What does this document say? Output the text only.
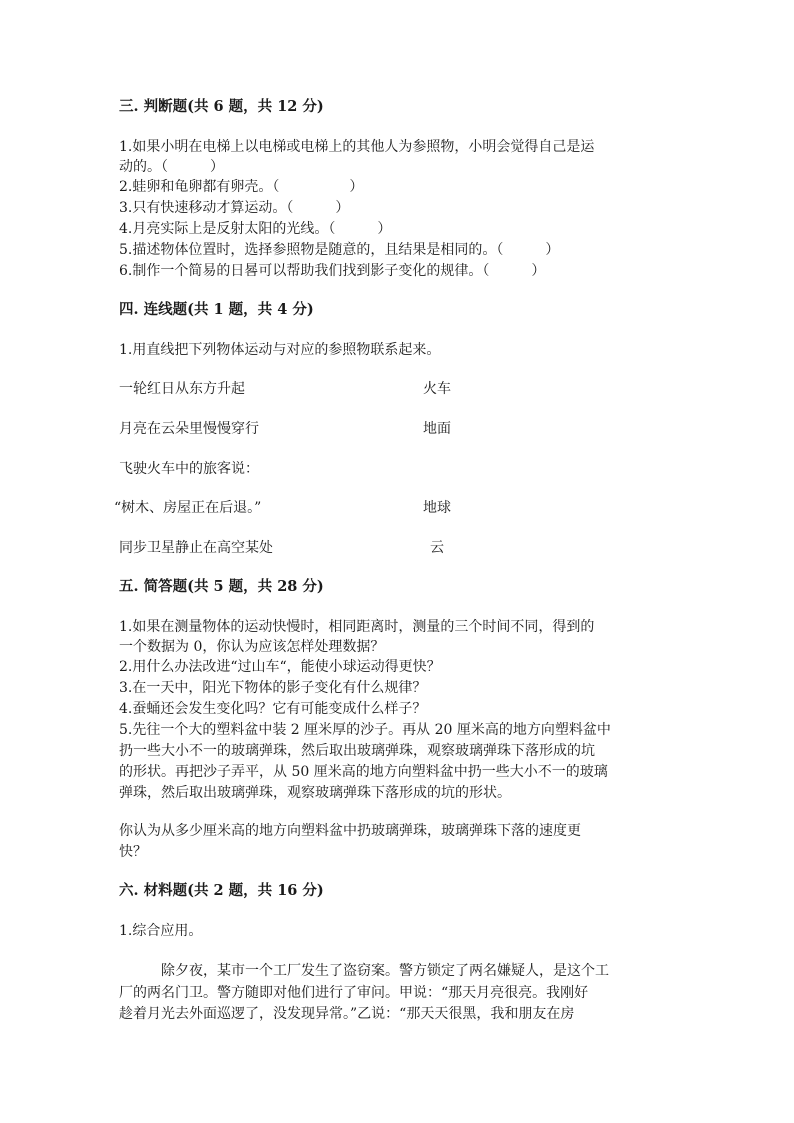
三. 判断题(共 6 题，共 12 分)
1.如果小明在电梯上以电梯或电梯上的其他人为参照物，小明会觉得自己是运
动的。（　　　）
2.蛙卵和龟卵都有卵壳。（　　　　　）
3.只有快速移动才算运动。（　　　）
4.月亮实际上是反射太阳的光线。（　　　）
5.描述物体位置时，选择参照物是随意的，且结果是相同的。（　　　）
6.制作一个简易的日晷可以帮助我们找到影子变化的规律。（　　　）
四. 连线题(共 1 题，共 4 分)
1.用直线把下列物体运动与对应的参照物联系起来。
一轮红日从东方升起	火车
月亮在云朵里慢慢穿行	地面
飞驶火车中的旅客说：
“树木、房屋正在后退。”	地球
同步卫星静止在高空某处	云
五. 简答题(共 5 题，共 28 分)
1.如果在测量物体的运动快慢时，相同距离时，测量的三个时间不同，得到的
一个数据为 0，你认为应该怎样处理数据？
2.用什么办法改进“过山车“，能使小球运动得更快？
3.在一天中，阳光下物体的影子变化有什么规律？
4.蚕蛹还会发生变化吗？它有可能变成什么样子？
5.先往一个大的塑料盆中装 2 厘米厚的沙子。再从 20 厘米高的地方向塑料盆中
扔一些大小不一的玻璃弹珠，然后取出玻璃弹珠，观察玻璃弹珠下落形成的坑
的形状。再把沙子弄平，从 50 厘米高的地方向塑料盆中扔一些大小不一的玻璃
弹珠，然后取出玻璃弹珠，观察玻璃弹珠下落形成的坑的形状。
你认为从多少厘米高的地方向塑料盆中扔玻璃弹珠，玻璃弹珠下落的速度更
快？
六. 材料题(共 2 题，共 16 分)
1.综合应用。
除夕夜，某市一个工厂发生了盗窃案。警方锁定了两名嫌疑人，是这个工
厂的两名门卫。警方随即对他们进行了审问。甲说：“那天月亮很亮。我刚好
趁着月光去外面巡逻了，没发现异常。”乙说：“那天天很黑，我和朋友在房
